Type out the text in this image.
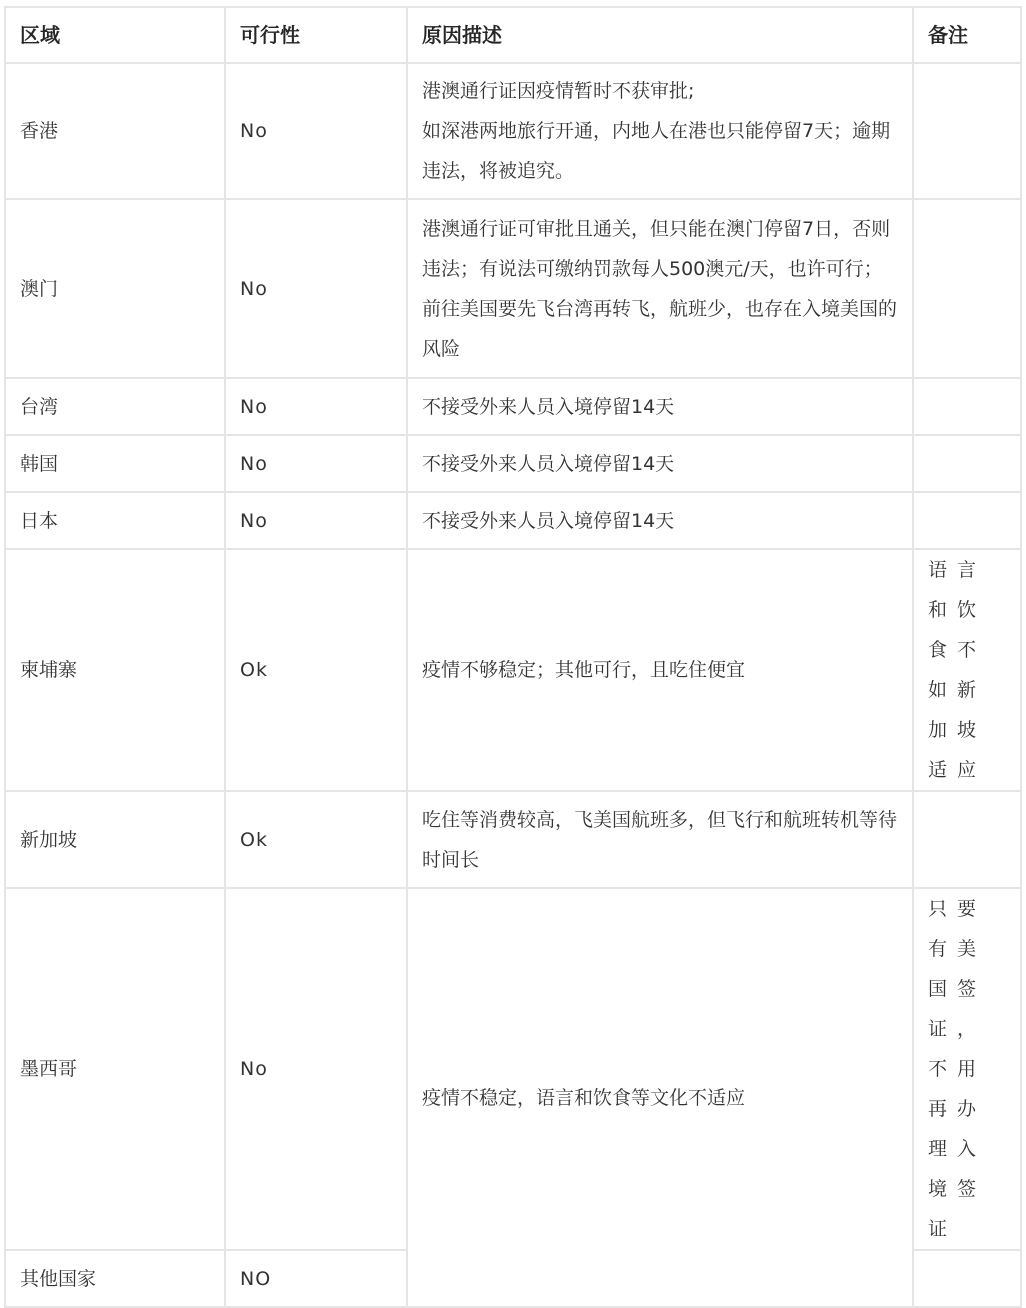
区域	可行性	原因描述	备注
香港	No	港澳通行证因疫情暂时不获审批;
如深港两地旅行开通，内地人在港也只能停留7天；逾期违法，将被追究。	

澳门	No	港澳通行证可审批且通关，但只能在澳门停留7日，否则违法；有说法可缴纳罚款每人500澳元/天，也许可行；前往美国要先飞台湾再转飞，航班少，也存在入境美国的风险	

台湾	No	不接受外来人员入境停留14天	

韩国	No	不接受外来人员入境停留14天	

日本	No	不接受外来人员入境停留14天	

柬埔寨	Ok	疫情不够稳定；其他可行，且吃住便宜	语言和饮食不如新加坡适应
新加坡	Ok	吃住等消费较高，飞美国航班多，但飞行和航班转机等待时间长	

墨西哥	No	疫情不稳定，语言和饮食等文化不适应	只要有美国签证，不用再办理入境签证
其他国家	NO		
